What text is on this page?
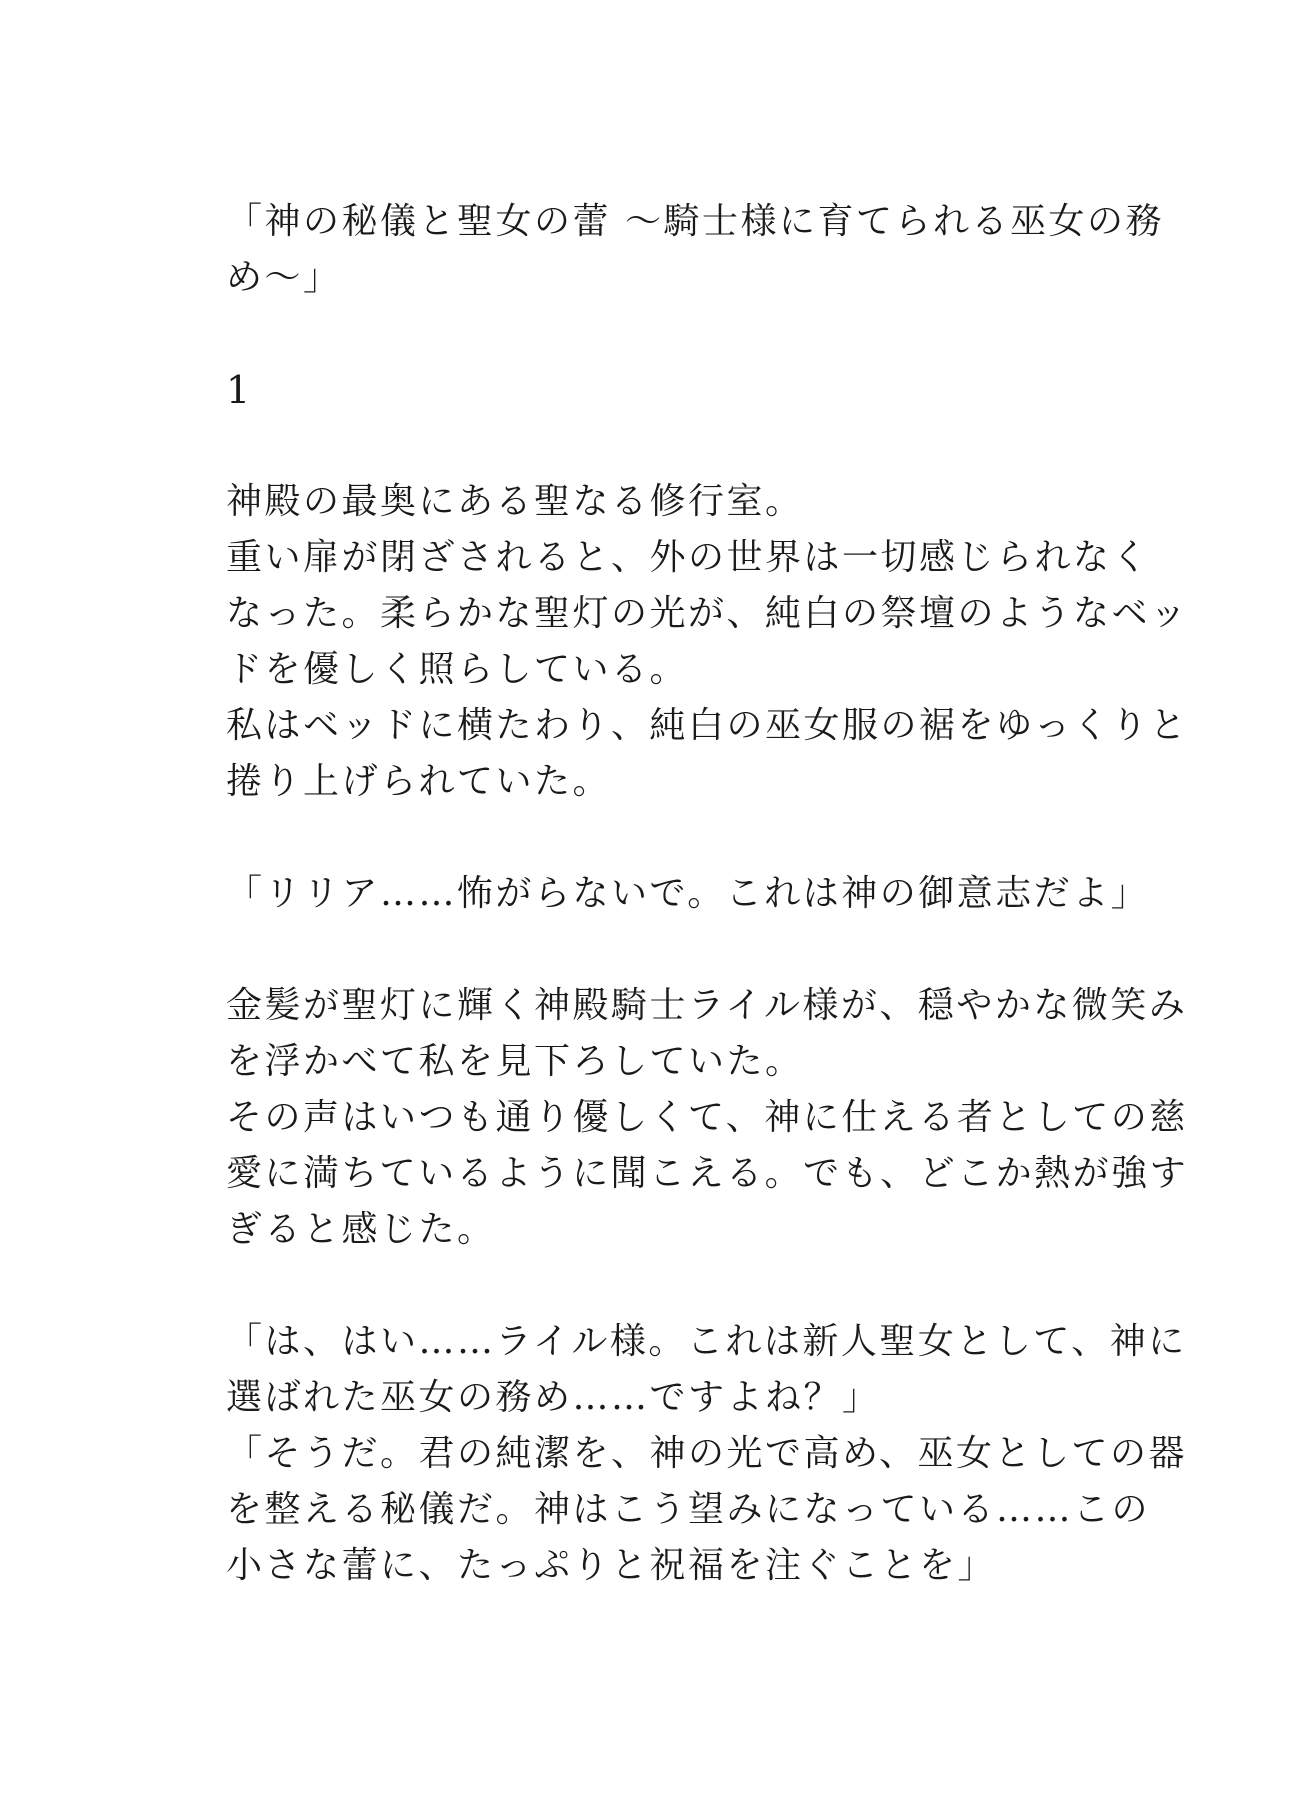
「神の秘儀と聖女の蕾 〜騎士様に育てられる巫女の務
め〜」
1
神殿の最奥にある聖なる修行室。
重い扉が閉ざされると、外の世界は一切感じられなく
なった。柔らかな聖灯の光が、純白の祭壇のようなベッ
ドを優しく照らしている。
私はベッドに横たわり、純白の巫女服の裾をゆっくりと
捲り上げられていた。
「リリア……怖がらないで。これは神の御意志だよ」
金髪が聖灯に輝く神殿騎士ライル様が、穏やかな微笑み
を浮かべて私を見下ろしていた。
その声はいつも通り優しくて、神に仕える者としての慈
愛に満ちているように聞こえる。でも、どこか熱が強す
ぎると感じた。
「は、はい……ライル様。これは新人聖女として、神に
選ばれた巫女の務め……ですよね？」
「そうだ。君の純潔を、神の光で高め、巫女としての器
を整える秘儀だ。神はこう望みになっている……この
小さな蕾に、たっぷりと祝福を注ぐことを」
